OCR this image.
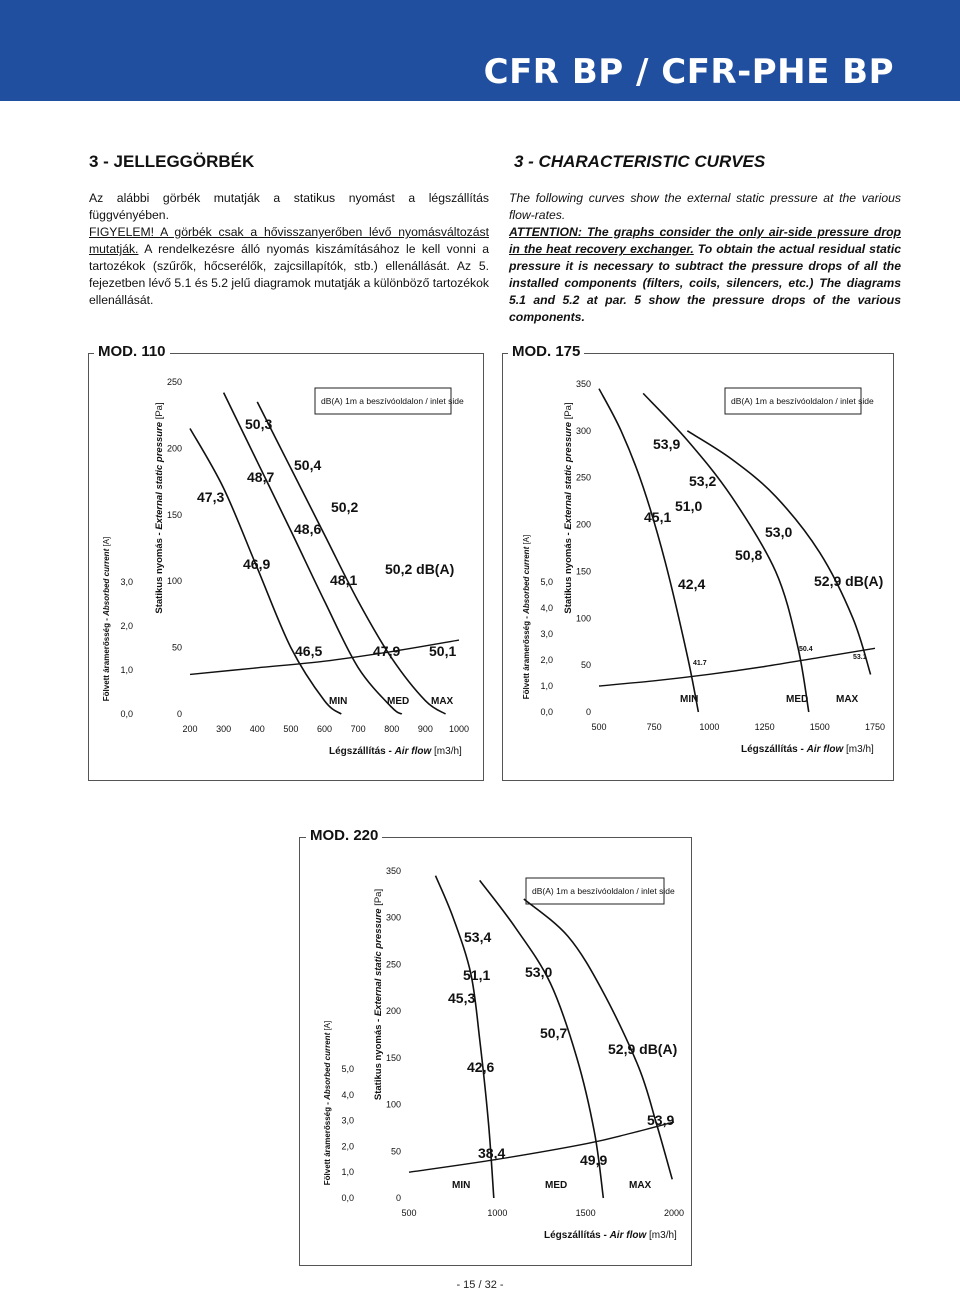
CFR BP / CFR-PHE BP
3 - JELLEGGÖRBÉK

Az alábbi görbék mutatják a statikus nyomást a légszállítás függvényében.
FIGYELEM! A görbék csak a hővisszanyerőben lévő nyomásváltozást mutatják. A rendelkezésre álló nyomás kiszámításához le kell vonni a tartozékok (szűrők, hőcserélők, zajcsillapítók, stb.) ellenállását. Az 5. fejezetben lévő 5.1 és 5.2 jelű diagramok mutatják a különböző tartozékok ellenállását.

3 - CHARACTERISTIC CURVES

The following curves show the external static pressure at the various flow-rates.
ATTENTION: The graphs consider the only air-side pressure drop in the heat recovery exchanger. To obtain the actual residual static pressure it is necessary to subtract the pressure drops of all the installed components (filters, coils, silencers, etc.) The diagrams 5.1 and 5.2 at par. 5 show the pressure drops of the various components.

0
50
100
150
200
250
200 300 400 500 600 700 800 900 1000
0,0
1,0
2,0
3,0 Statikus nyomás - External static pressure [Pa]
Fölvett áramerősség - Absorbed current [A]
Légszállítás - Air flow [m3/h]
dB(A) 1m a beszívóoldalon / inlet side
MIN	MED MAX
50,3
47,3
48,7
50,4
50,2
48,6
46,9
48,1
50,2 dB(A)
46,5	47,9 50,1
MOD. 110
0
50
100
150
200
250
300
350
500	750	1000	1250	1500	1750
0,0
1,0
2,0
3,0
4,0
5,0 Statikus nyomás - External static pressure [Pa]
Fölvett áramerősség - Absorbed current [A]
Légszállítás - Air flow [m3/h]
dB(A) 1m a beszívóoldalon / inlet side
MIN	MED	MAX
53,9
53,2
51,0
45,1
53,0
50,8
42,4	52,9 dB(A)
41.7
50.4
53.1
MOD. 175
0
50
100
150
200
250
300
350
500	1000	1500	2000
0,0
1,0
2,0
3,0
4,0
5,0 Statikus nyomás - External static pressure [Pa]
Fölvett áramerősség - Absorbed current [A]
Légszállítás - Air flow [m3/h]
dB(A) 1m a beszívóoldalon / inlet side
MIN	MED	MAX
53,4
51,1 53,0
45,3
50,7
52,9 dB(A)
42,6
53,9
38,4	49,9
MOD. 220
- 15 / 32 -
